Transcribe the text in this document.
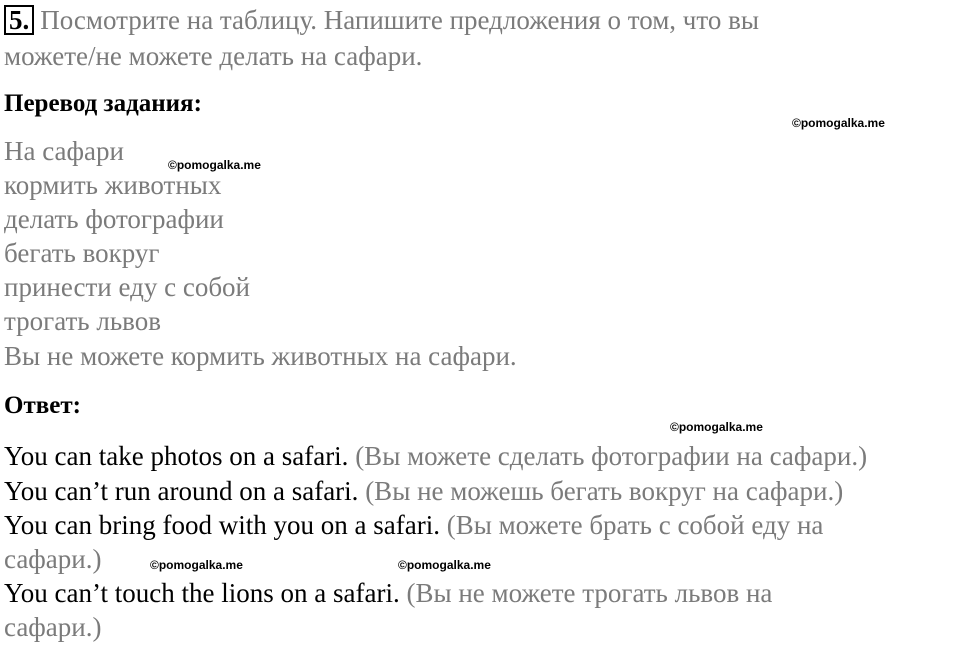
5. Посмотрите на таблицу. Напишите предложения о том, что вы
можете/не можете делать на сафари.
Перевод задания:
На сафари
кормить животных
делать фотографии
бегать вокруг
принести еду с собой
трогать львов
Вы не можете кормить животных на сафари.
Ответ:
You can take photos on a safari. (Вы можете сделать фотографии на сафари.)
You can’t run around on a safari. (Вы не можешь бегать вокруг на сафари.)
You can bring food with you on a safari. (Вы можете брать с собой еду на
сафари.)
You can’t touch the lions on a safari. (Вы не можете трогать львов на
сафари.)
©pomogalka.me
©pomogalka.me
©pomogalka.me
©pomogalka.me	©pomogalka.me
